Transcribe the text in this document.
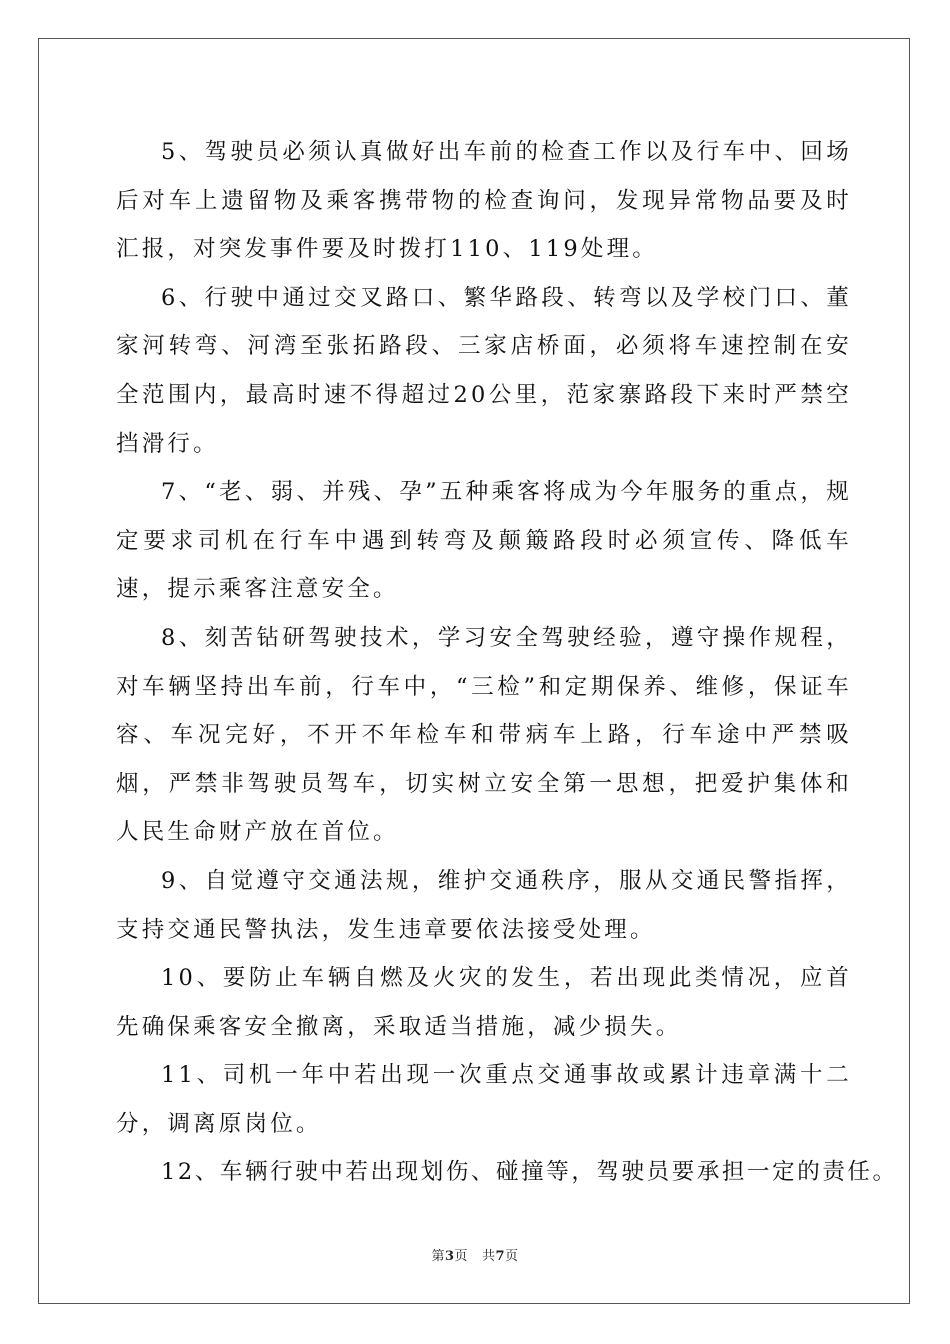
5、驾驶员必须认真做好出车前的检查工作以及行车中、回场后对车上遗留物及乘客携带物的检查询问，发现异常物品要及时汇报，对突发事件要及时拨打110、119处理。

6、行驶中通过交叉路口、繁华路段、转弯以及学校门口、董家河转弯、河湾至张拓路段、三家店桥面，必须将车速控制在安全范围内，最高时速不得超过20公里，范家寨路段下来时严禁空挡滑行。

7、“老、弱、并残、孕”五种乘客将成为今年服务的重点，规定要求司机在行车中遇到转弯及颠簸路段时必须宣传、降低车速，提示乘客注意安全。

8、刻苦钻研驾驶技术，学习安全驾驶经验，遵守操作规程，对车辆坚持出车前，行车中，“三检”和定期保养、维修，保证车容、车况完好，不开不年检车和带病车上路，行车途中严禁吸烟，严禁非驾驶员驾车，切实树立安全第一思想，把爱护集体和人民生命财产放在首位。

9、自觉遵守交通法规，维护交通秩序，服从交通民警指挥，支持交通民警执法，发生违章要依法接受处理。

10、要防止车辆自燃及火灾的发生，若出现此类情况，应首先确保乘客安全撤离，采取适当措施，减少损失。

11、司机一年中若出现一次重点交通事故或累计违章满十二分，调离原岗位。

12、车辆行驶中若出现划伤、碰撞等，驾驶员要承担一定的责任。

第3页 共7页
